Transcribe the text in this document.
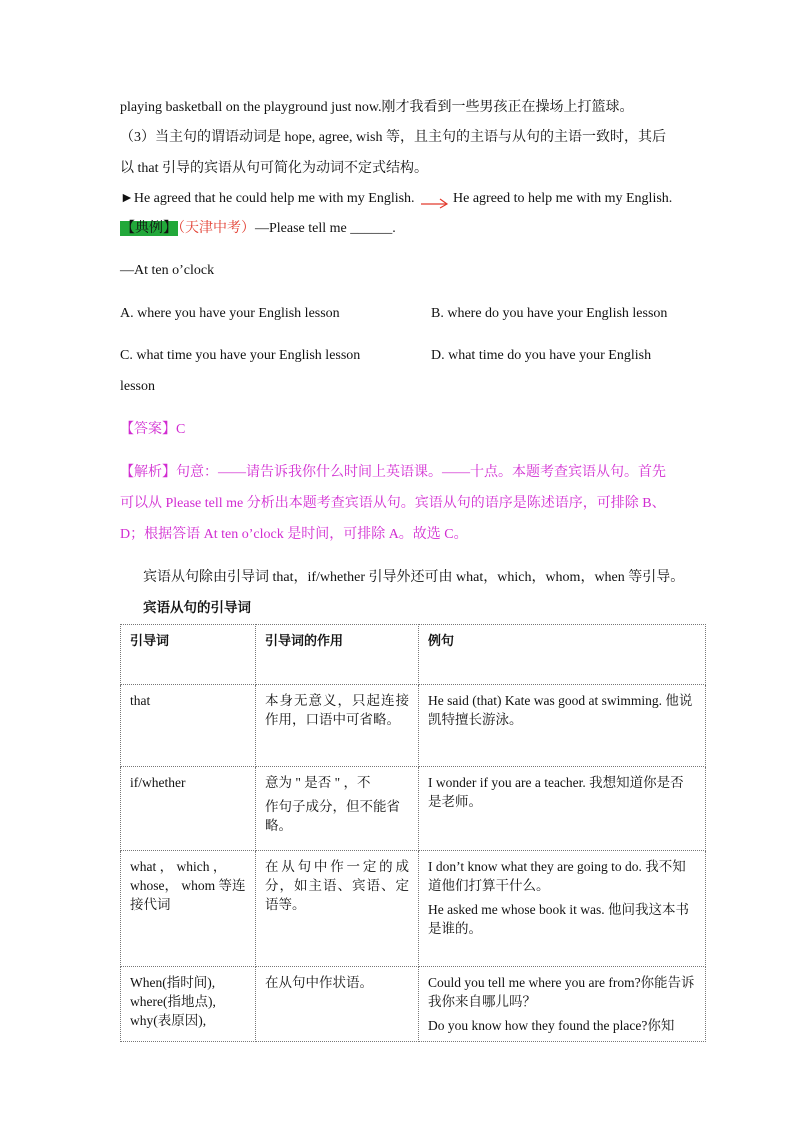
playing basketball on the playground just now.刚才我看到一些男孩正在操场上打篮球。
（3）当主句的谓语动词是 hope, agree, wish 等，且主句的主语与从句的主语一致时，其后
以 that 引导的宾语从句可简化为动词不定式结构。
►He agreed that he could help me with my English.	He agreed to help me with my English.
【典例】（天津中考）—Please tell me ______.
—At ten o’clock
A. where you have your English lesson	B. where do you have your English lesson
C. what time you have your English lesson	D. what time do you have your English
lesson
【答案】C
【解析】句意：——请告诉我你什么时间上英语课。——十点。本题考查宾语从句。首先
可以从 Please tell me 分析出本题考查宾语从句。宾语从句的语序是陈述语序，可排除 B、
D；根据答语 At ten o’clock 是时间，可排除 A。故选 C。
宾语从句除由引导词 that，if/whether 引导外还可由 what，which，whom，when 等引导。
宾语从句的引导词
引导词	引导词的作用	例句
that	本身无意义，只起连接作用，口语中可省略。	He said (that) Kate was good at swimming. 他说凯特擅长游泳。
if/whether	意为 " 是否 " ，不
作句子成分，但不能省略。	I wonder if you are a teacher. 我想知道你是否是老师。
what ， which ， whose， whom 等连接代词	在从句中作一定的成分，如主语、宾语、定语等。	I don’t know what they are going to do. 我不知道他们打算干什么。
He asked me whose book it was. 他问我这本书是谁的。

When(指时间), where(指地点), why(表原因),	在从句中作状语。	Could you tell me where you are from?你能告诉我你来自哪儿吗？
Do you know how they found the place?你知
